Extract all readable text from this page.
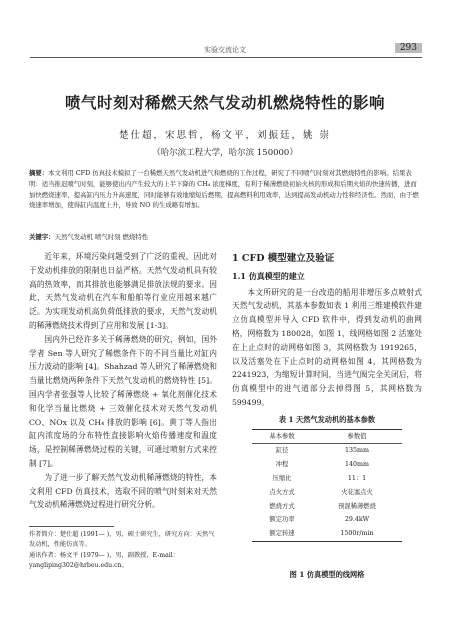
实验交流论文	293
喷气时刻对稀燃天然气发动机燃烧特性的影响
楚仕超，宋思哲，杨文平，刘振廷，姚 崇
（哈尔滨工程大学，哈尔滨 150000）
摘要：本文利用 CFD 仿真技术模拟了一台稀燃天然气发动机进气和燃烧的工作过程，研究了不同喷气时刻对其燃烧特性的影响。结果表明：适当推迟喷气时刻，能够使出内产生较大的上半下降的 CH₄ 浓度梯度，有利于稀薄燃烧初始火核的形成和后期火焰的快速传播，进而加快燃烧速率，提高缸内压力升高速度，同时能够有效地缩短后燃期，提高燃料利用效率，达到提高发动机动力性和经济性。然而，由于燃烧速率增加，使得缸内温度上升，导致 NO 的生成略有增加。
关键字：天然气发动机 喷气时刻 燃烧特性

近年来，环境污染问题受到了广泛的重视，因此对于发动机排放的限制也日益严格。天然气发动机具有较高的热效率，而其排放也能够满足排放法规的要求。因此，天然气发动机在汽车和船舶等行业应用越来越广泛。为实现发动机高负荷低排放的要求，天然气发动机的稀薄燃烧技术得到了应用和发展 [1-3]。

国内外已经许多关于稀薄燃烧的研究，例如，国外学者 Sen 等人研究了稀燃条件下的不同当量比对缸内压力波动的影响 [4]。Shahzad 等人研究了稀薄燃烧和当量比燃烧两种条件下天然气发动机的燃烧特性 [5]。国内学者张强等人比较了稀薄燃烧 + 氧化剂催化技术和化学当量比燃烧 + 三效催化技术对天然气发动机 CO、NOx 以及 CH₄ 排放的影响 [6]。黄丁等人指出缸内浓度场的分布特性直接影响火焰传播速度和温度场，是控制稀薄燃烧过程的关键，可通过喷射方式来控制 [7]。

为了进一步了解天然气发动机稀薄燃烧的特性，本文利用 CFD 仿真技术，选取不同的喷气时刻来对天然气发动机稀薄燃烧过程进行研究分析。

作者简介：楚仕超 (1991— )，男，硕士研究生，研究方向：天然气发动机，性能仿真等。

通讯作者：杨文平 (1979— )，男，副教授，E-mail：yangliping302@hrbeu.edu.cn。

1 CFD 模型建立及验证
1.1 仿真模型的建立

本文所研究的是一台改造的船用非增压多点喷射式天然气发动机，其基本参数如表 1 利用三维建模软件建立仿真模型并导入 CFD 软件中，得到发动机的曲网格，网格数为 180028，如图 1，线网格如图 2 活塞处在上止点时的动网格如图 3，其网格数为 1919265，以及活塞处在下止点时的动网格如图 4，其网格数为 2241923，为缩短计算时间，当进气阀完全关闭后，将仿真模型中的进气道部分去掉得图 5，其网格数为 599499。

表 1 天然气发动机的基本参数
基本参数	参数值
缸径	135mm
冲程	140mm
压缩比	11：1
点火方式	火花塞点火
燃烧方式	预混稀薄燃烧
额定功率	29.4kW
额定转速	1500r/min
图 1 仿真模型的线网格
